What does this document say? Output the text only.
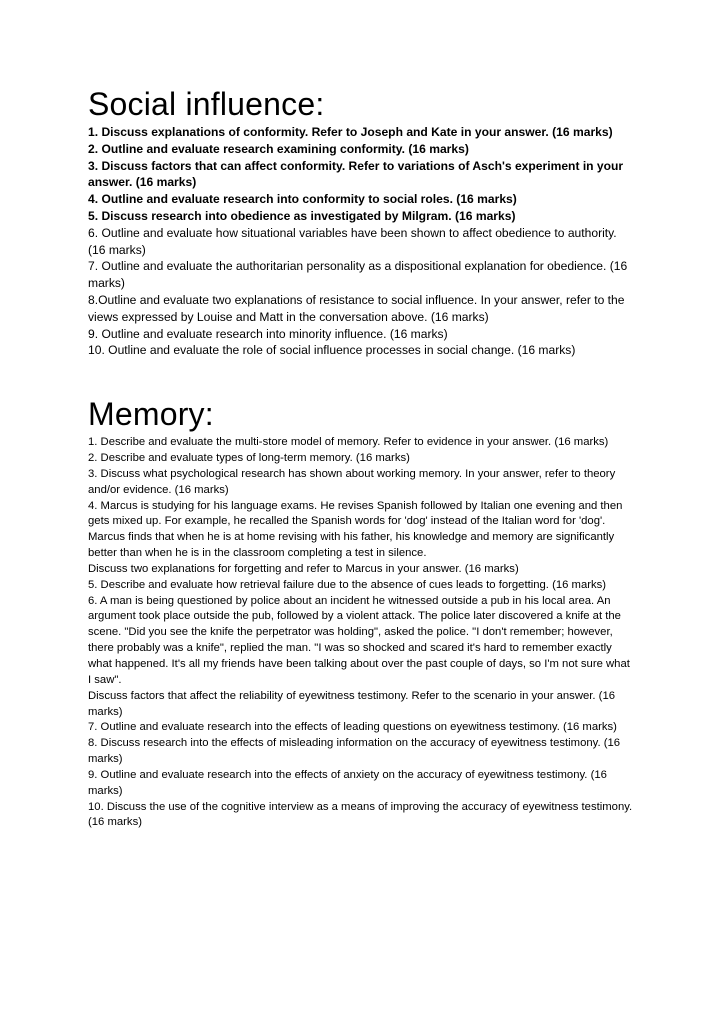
Social influence:
1. Discuss explanations of conformity. Refer to Joseph and Kate in your answer. (16 marks)
2. Outline and evaluate research examining conformity. (16 marks)
3. Discuss factors that can affect conformity. Refer to variations of Asch's experiment in your answer. (16 marks)
4. Outline and evaluate research into conformity to social roles. (16 marks)
5. Discuss research into obedience as investigated by Milgram. (16 marks)
6. Outline and evaluate how situational variables have been shown to affect obedience to authority. (16 marks)
7. Outline and evaluate the authoritarian personality as a dispositional explanation for obedience. (16 marks)
8.Outline and evaluate two explanations of resistance to social influence. In your answer, refer to the views expressed by Louise and Matt in the conversation above. (16 marks)
9. Outline and evaluate research into minority influence. (16 marks)
10. Outline and evaluate the role of social influence processes in social change. (16 marks)
Memory:
1. Describe and evaluate the multi-store model of memory. Refer to evidence in your answer. (16 marks)
2. Describe and evaluate types of long-term memory. (16 marks)
3. Discuss what psychological research has shown about working memory. In your answer, refer to theory and/or evidence. (16 marks)
4. Marcus is studying for his language exams. He revises Spanish followed by Italian one evening and then gets mixed up. For example, he recalled the Spanish words for 'dog' instead of the Italian word for 'dog'. Marcus finds that when he is at home revising with his father, his knowledge and memory are significantly better than when he is in the classroom completing a test in silence.
Discuss two explanations for forgetting and refer to Marcus in your answer. (16 marks)
5. Describe and evaluate how retrieval failure due to the absence of cues leads to forgetting. (16 marks)
6. A man is being questioned by police about an incident he witnessed outside a pub in his local area. An argument took place outside the pub, followed by a violent attack. The police later discovered a knife at the scene. "Did you see the knife the perpetrator was holding", asked the police. "I don't remember; however, there probably was a knife", replied the man. "I was so shocked and scared it's hard to remember exactly what happened. It's all my friends have been talking about over the past couple of days, so I'm not sure what I saw".
Discuss factors that affect the reliability of eyewitness testimony. Refer to the scenario in your answer. (16 marks)
7. Outline and evaluate research into the effects of leading questions on eyewitness testimony. (16 marks)
8. Discuss research into the effects of misleading information on the accuracy of eyewitness testimony. (16 marks)
9. Outline and evaluate research into the effects of anxiety on the accuracy of eyewitness testimony. (16 marks)
10. Discuss the use of the cognitive interview as a means of improving the accuracy of eyewitness testimony. (16 marks)
